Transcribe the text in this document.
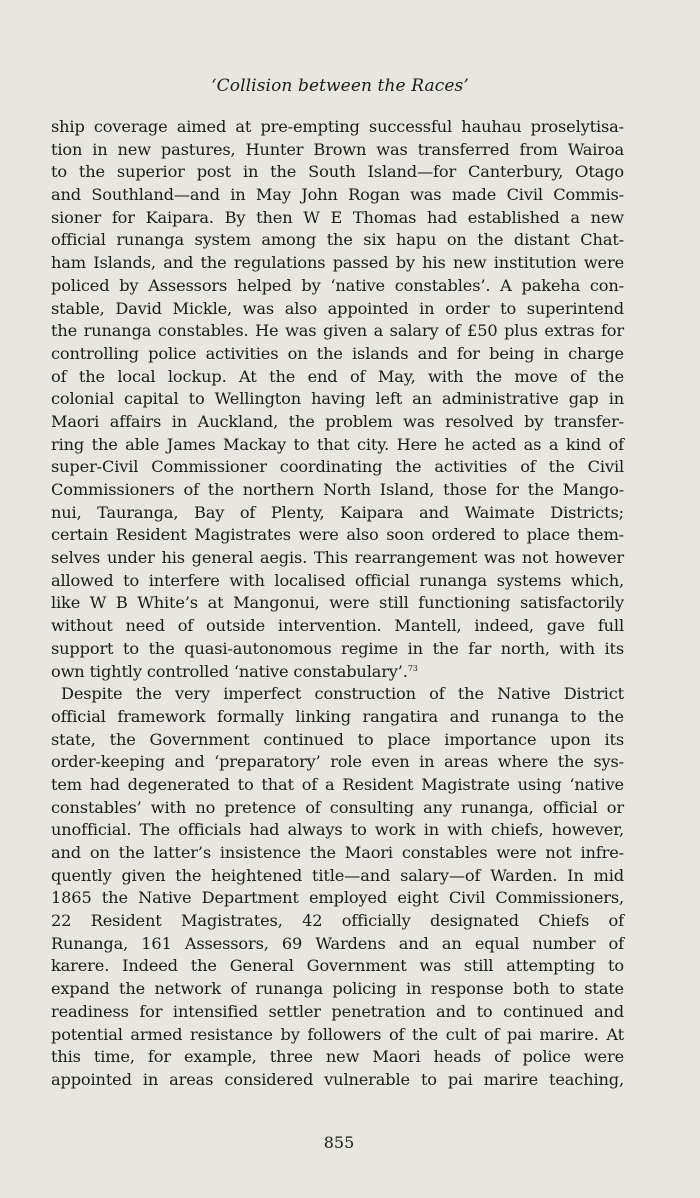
‘Collision between the Races’
ship coverage aimed at pre-empting successful hauhau proselytisa-
tion in new pastures, Hunter Brown was transferred from Wairoa
to the superior post in the South Island—for Canterbury, Otago
and Southland—and in May John Rogan was made Civil Commis-
sioner for Kaipara. By then W E Thomas had established a new
official runanga system among the six hapu on the distant Chat-
ham Islands, and the regulations passed by his new institution were
policed by Assessors helped by ‘native constables’. A pakeha con-
stable, David Mickle, was also appointed in order to superintend
the runanga constables. He was given a salary of £50 plus extras for
controlling police activities on the islands and for being in charge
of the local lockup. At the end of May, with the move of the
colonial capital to Wellington having left an administrative gap in
Maori affairs in Auckland, the problem was resolved by transfer-
ring the able James Mackay to that city. Here he acted as a kind of
super-Civil Commissioner coordinating the activities of the Civil
Commissioners of the northern North Island, those for the Mango-
nui, Tauranga, Bay of Plenty, Kaipara and Waimate Districts;
certain Resident Magistrates were also soon ordered to place them-
selves under his general aegis. This rearrangement was not however
allowed to interfere with localised official runanga systems which,
like W B White’s at Mangonui, were still functioning satisfactorily
without need of outside intervention. Mantell, indeed, gave full
support to the quasi-autonomous regime in the far north, with its
own tightly controlled ‘native constabulary’.$^{73}$
Despite the very imperfect construction of the Native District
official framework formally linking rangatira and runanga to the
state, the Government continued to place importance upon its
order-keeping and ‘preparatory’ role even in areas where the sys-
tem had degenerated to that of a Resident Magistrate using ‘native
constables’ with no pretence of consulting any runanga, official or
unofficial. The officials had always to work in with chiefs, however,
and on the latter’s insistence the Maori constables were not infre-
quently given the heightened title—and salary—of Warden. In mid
1865 the Native Department employed eight Civil Commissioners,
22 Resident Magistrates, 42 officially designated Chiefs of
Runanga, 161 Assessors, 69 Wardens and an equal number of
karere. Indeed the General Government was still attempting to
expand the network of runanga policing in response both to state
readiness for intensified settler penetration and to continued and
potential armed resistance by followers of the cult of pai marire. At
this time, for example, three new Maori heads of police were
appointed in areas considered vulnerable to pai marire teaching,
855
